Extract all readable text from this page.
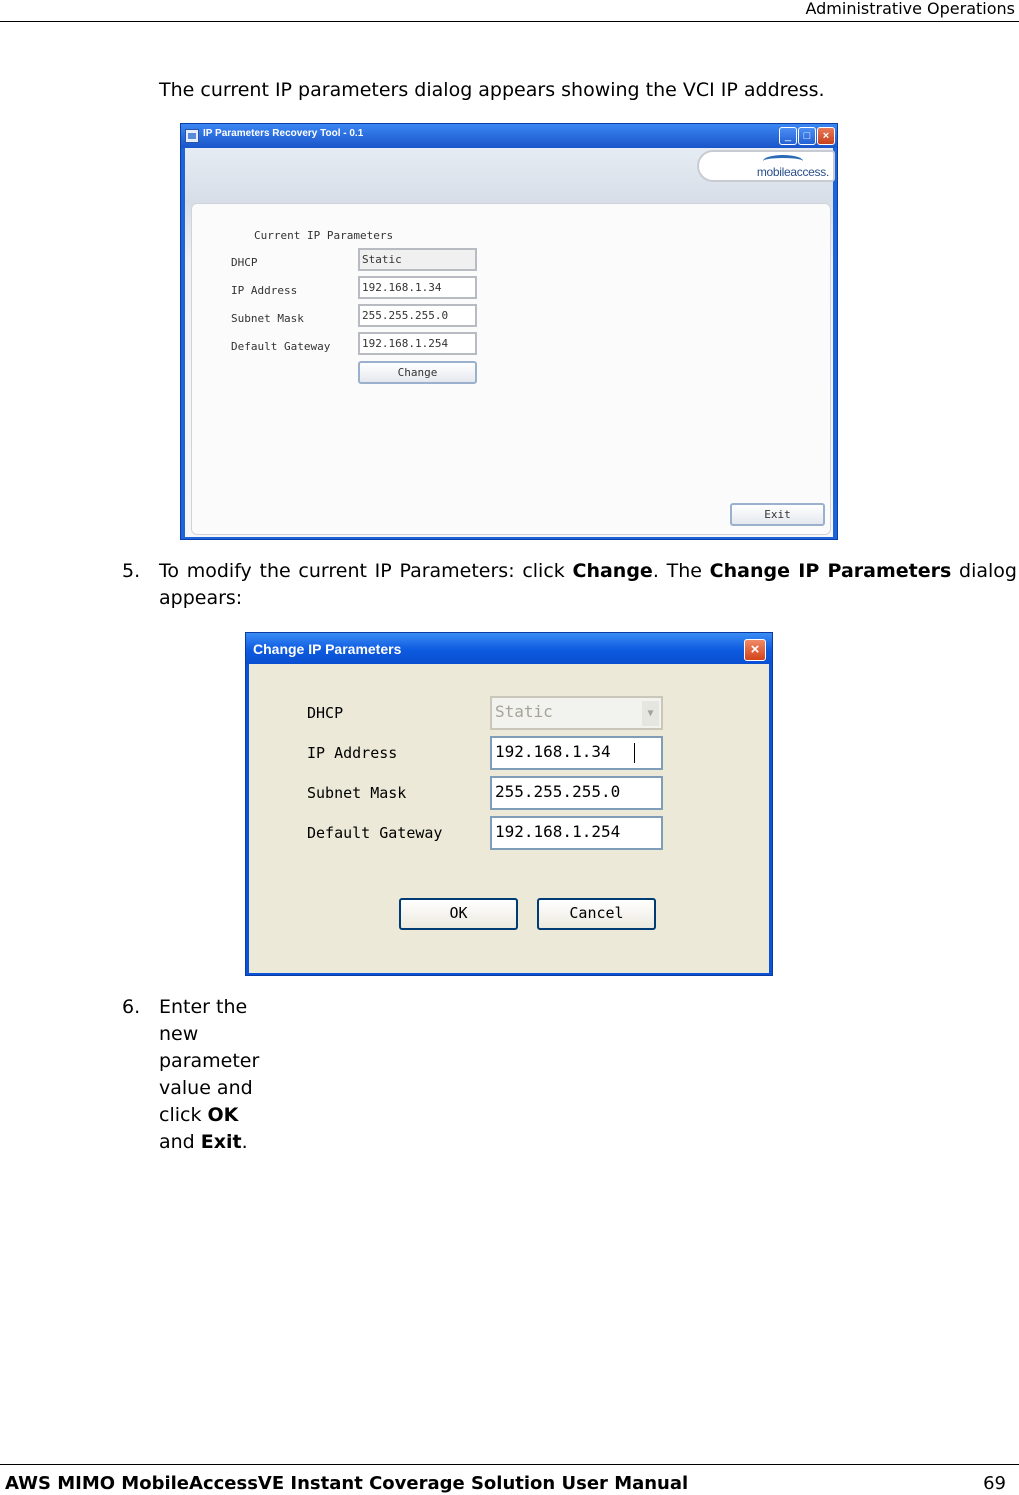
Administrative Operations
The current IP parameters dialog appears showing the VCI IP address.
IP Parameters Recovery Tool - 0.1	_	□	×
mobileaccess.
Current IP Parameters
DHCP	Static
IP Address	192.168.1.34
Subnet Mask	255.255.255.0
Default Gateway	192.168.1.254
Change
Exit
5. To modify the current IP Parameters: click Change. The Change IP Parameters dialog
appears:
Change IP Parameters	×
DHCP	Static	▼
IP Address	192.168.1.34
Subnet Mask	255.255.255.0
Default Gateway	192.168.1.254
OK	Cancel
6. Enter the new parameter value and click OK and Exit.
AWS MIMO MobileAccessVE Instant Coverage Solution User Manual	69
